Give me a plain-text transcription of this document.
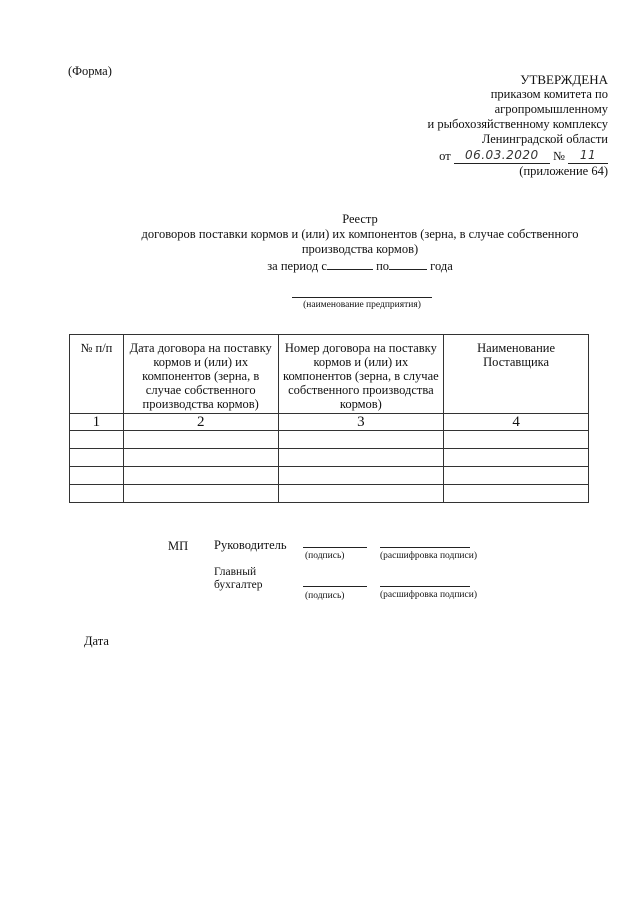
(Форма)
УТВЕРЖДЕНА
приказом комитета по
агропромышленному
и рыбохозяйственному комплексу
Ленинградской области
от 06.03.2020 № 11
(приложение 64)
Реестр
договоров поставки кормов и (или) их компонентов (зерна, в случае собственного
производства кормов)
за период с	по	года
(наименование предприятия)
№ п/п	Дата договора на поставку кормов и (или) их компонентов (зерна, в случае собственного производства кормов)	Номер договора на поставку кормов и (или) их компонентов (зерна, в случае собственного производства кормов)	Наименование Поставщика
1	2	3	4

МП Руководитель
(подпись)	(расшифровка подписи)
Главный
бухгалтер
(подпись)	(расшифровка подписи)
Дата
